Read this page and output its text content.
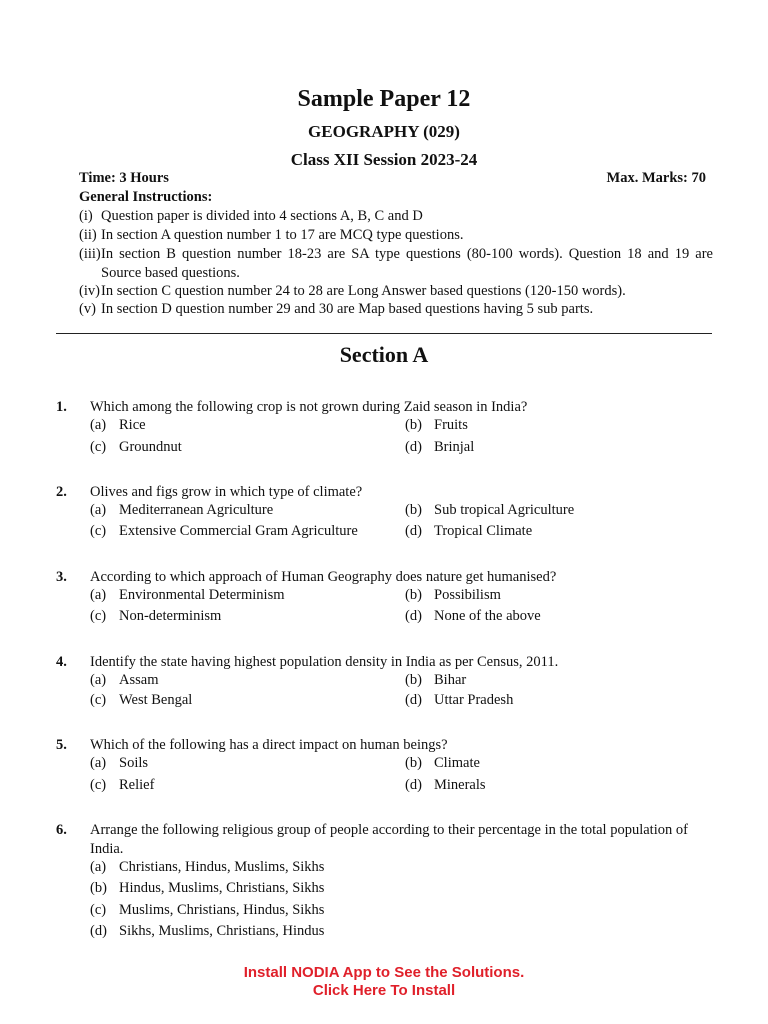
Sample Paper 12
GEOGRAPHY (029)
Class XII Session 2023-24
Time: 3 Hours	Max. Marks: 70
General Instructions:
(i) Question paper is divided into 4 sections A, B, C and D
(ii) In section A question number 1 to 17 are MCQ type questions.
(iii) In section B question number 18-23 are SA type questions (80-100 words). Question 18 and 19 are Source based questions.
(iv) In section C question number 24 to 28 are Long Answer based questions (120-150 words).
(v) In section D question number 29 and 30 are Map based questions having 5 sub parts.
Section A
1. Which among the following crop is not grown during Zaid season in India?
(a) Rice	(b) Fruits
(c) Groundnut	(d) Brinjal
2. Olives and figs grow in which type of climate?
(a) Mediterranean Agriculture	(b) Sub tropical Agriculture
(c) Extensive Commercial Gram Agriculture	(d) Tropical Climate
3. According to which approach of Human Geography does nature get humanised?
(a) Environmental Determinism	(b) Possibilism
(c) Non-determinism	(d) None of the above
4. Identify the state having highest population density in India as per Census, 2011.
(a) Assam	(b) Bihar
(c) West Bengal	(d) Uttar Pradesh
5. Which of the following has a direct impact on human beings?
(a) Soils	(b) Climate
(c) Relief	(d) Minerals
6. Arrange the following religious group of people according to their percentage in the total population of India.
(a) Christians, Hindus, Muslims, Sikhs
(b) Hindus, Muslims, Christians, Sikhs
(c) Muslims, Christians, Hindus, Sikhs
(d) Sikhs, Muslims, Christians, Hindus
Install NODIA App to See the Solutions.
Click Here To Install
